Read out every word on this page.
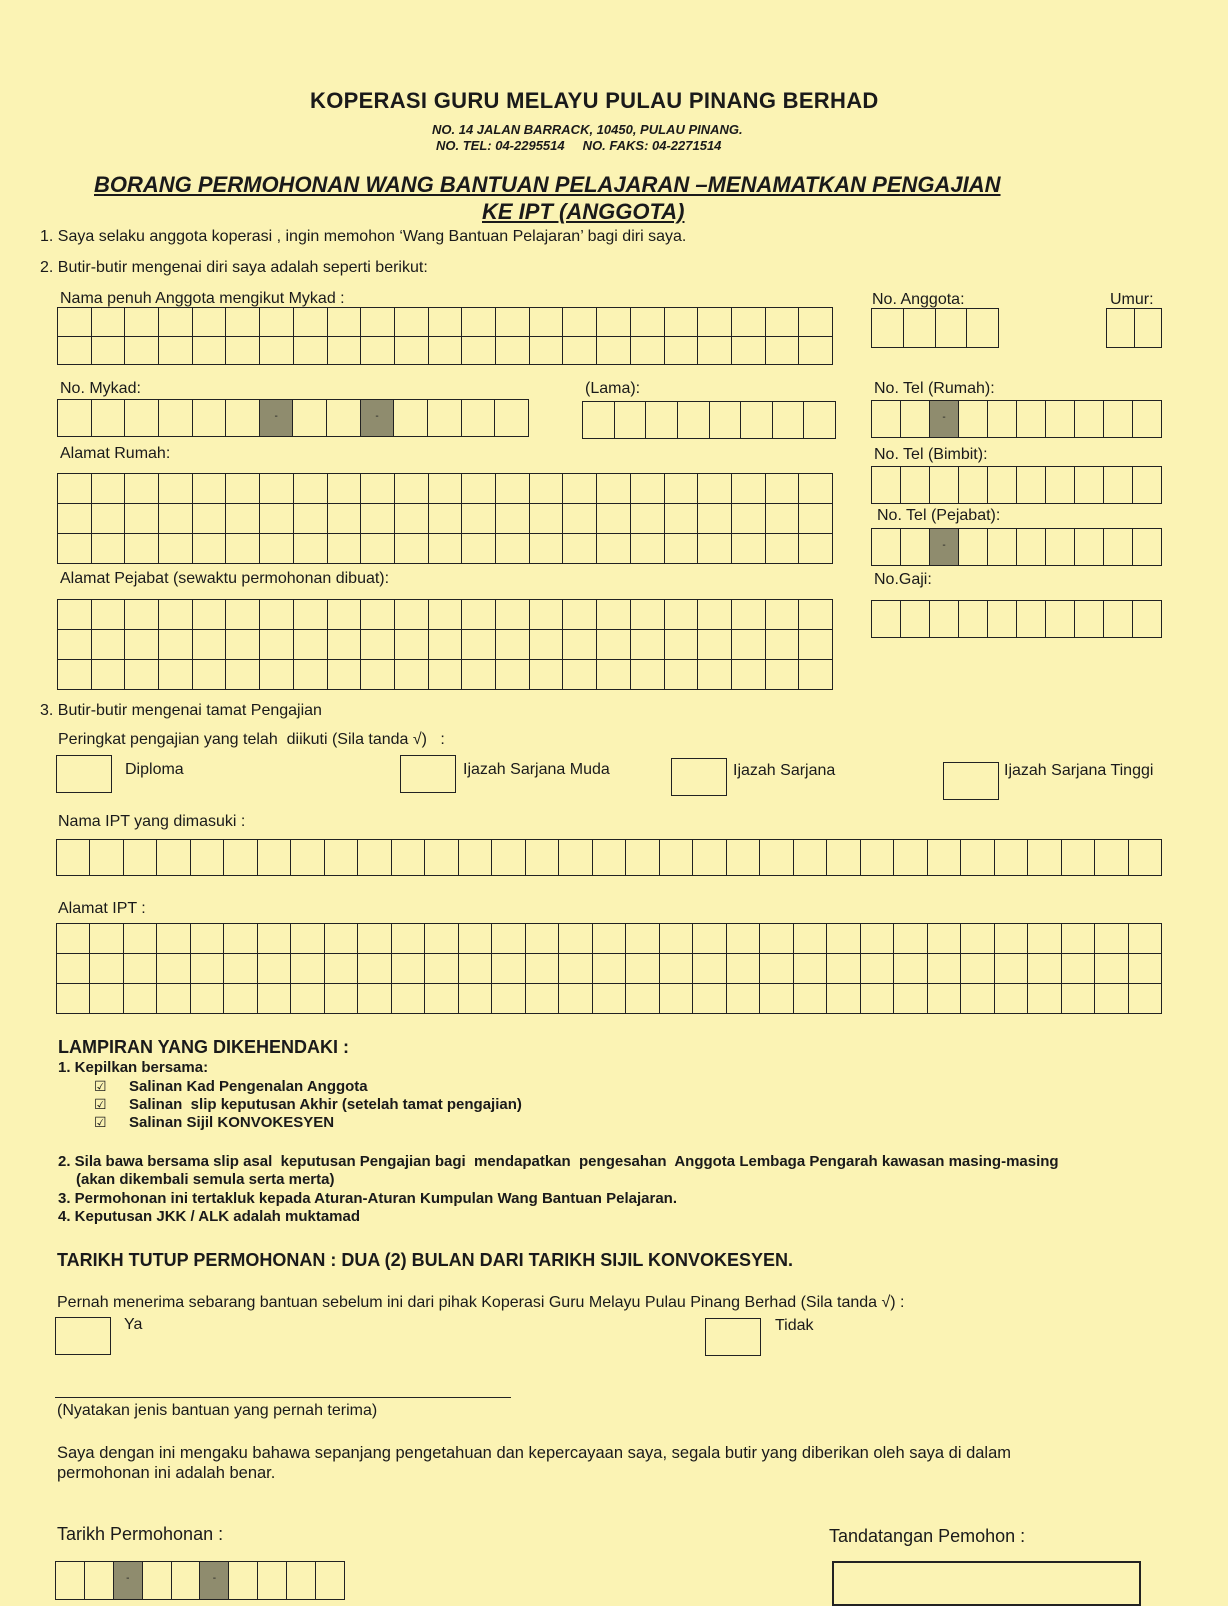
KOPERASI GURU MELAYU PULAU PINANG BERHAD
NO. 14 JALAN BARRACK, 10450, PULAU PINANG.
NO. TEL: 04-2295514     NO. FAKS: 04-2271514
BORANG PERMOHONAN WANG BANTUAN PELAJARAN –MENAMATKAN PENGAJIAN
KE IPT (ANGGOTA)
1. Saya selaku anggota koperasi , ingin memohon ‘Wang Bantuan Pelajaran’ bagi diri saya.
2. Butir-butir mengenai diri saya adalah seperti berikut:
Nama penuh Anggota mengikut Mykad :	No. Anggota:	Umur:
No. Mykad:
-
-	(Lama):	No. Tel (Rumah):
-
Alamat Rumah:	No. Tel (Bimbit):
No. Tel (Pejabat):
-
Alamat Pejabat (sewaktu permohonan dibuat):	No.Gaji:
3. Butir-butir mengenai tamat Pengajian
Peringkat pengajian yang telah  diikuti (Sila tanda √)   :
Diploma	Ijazah Sarjana Muda	Ijazah Sarjana	Ijazah Sarjana Tinggi
Nama IPT yang dimasuki :
Alamat IPT :
LAMPIRAN YANG DIKEHENDAKI :
1. Kepilkan bersama:
☑ Salinan Kad Pengenalan Anggota
☑ Salinan  slip keputusan Akhir (setelah tamat pengajian)
☑ Salinan Sijil KONVOKESYEN
2. Sila bawa bersama slip asal  keputusan Pengajian bagi  mendapatkan  pengesahan  Anggota Lembaga Pengarah kawasan masing-masing
(akan dikembali semula serta merta)
3. Permohonan ini tertakluk kepada Aturan-Aturan Kumpulan Wang Bantuan Pelajaran.
4. Keputusan JKK / ALK adalah muktamad
TARIKH TUTUP PERMOHONAN : DUA (2) BULAN DARI TARIKH SIJIL KONVOKESYEN.
Pernah menerima sebarang bantuan sebelum ini dari pihak Koperasi Guru Melayu Pulau Pinang Berhad (Sila tanda √) :
Ya	Tidak
(Nyatakan jenis bantuan yang pernah terima)
Saya dengan ini mengaku bahawa sepanjang pengetahuan dan kepercayaan saya, segala butir yang diberikan oleh saya di dalam
permohonan ini adalah benar.
Tarikh Permohonan :
-
-	Tandatangan Pemohon :
